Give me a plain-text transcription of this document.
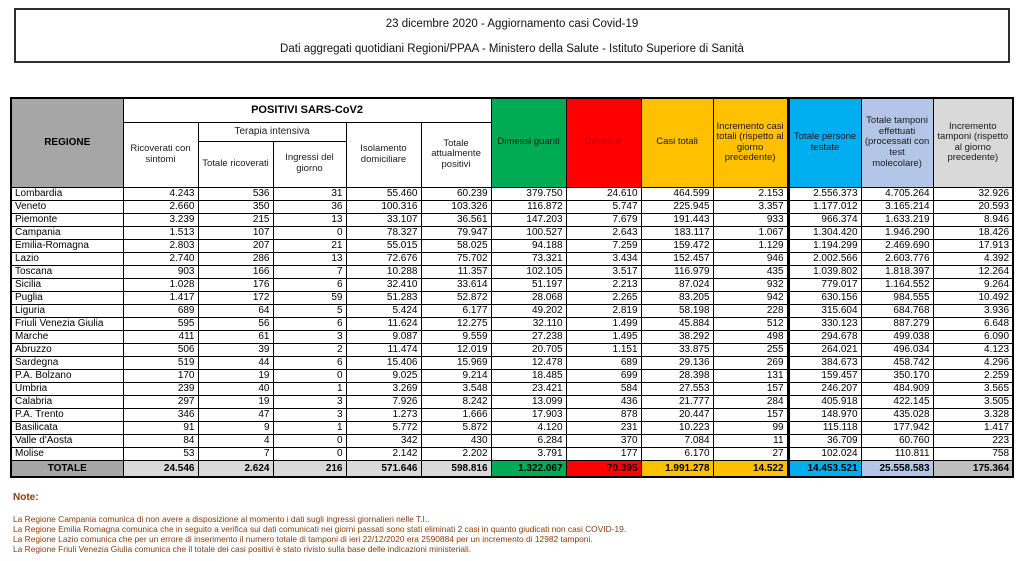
23 dicembre 2020 - Aggiornamento casi Covid-19
Dati aggregati quotidiani Regioni/PPAA - Ministero della Salute - Istituto Superiore di Sanità
REGIONE	POSITIVI SARS-CoV2					Dimessi guariti	Deceduti	Casi totali	Incremento casi totali (rispetto al giorno precedente)	Totale persone testate	Totale tamponi effettuati (processati con test molecolare)	Incremento tamponi (rispetto al giorno precedente)
	Ricoverati con sintomi	Terapia intensiva		Isolamento domiciliare	Totale attualmente positivi							
		Totale ricoverati	Ingressi del giorno									
Lombardia	4.243	536	31	55.460	60.239	379.750	24.610	464.599	2.153	2.556.373	4.705.264	32.926
Veneto	2.660	350	36	100.316	103.326	116.872	5.747	225.945	3.357	1.177.012	3.165.214	20.593
Piemonte	3.239	215	13	33.107	36.561	147.203	7.679	191.443	933	966.374	1.633.219	8.946
Campania	1.513	107	0	78.327	79.947	100.527	2.643	183.117	1.067	1.304.420	1.946.290	18.426
Emilia-Romagna	2.803	207	21	55.015	58.025	94.188	7.259	159.472	1.129	1.194.299	2.469.690	17.913
Lazio	2.740	286	13	72.676	75.702	73.321	3.434	152.457	946	2.002.566	2.603.776	4.392
Toscana	903	166	7	10.288	11.357	102.105	3.517	116.979	435	1.039.802	1.818.397	12.264
Sicilia	1.028	176	6	32.410	33.614	51.197	2.213	87.024	932	779.017	1.164.552	9.264
Puglia	1.417	172	59	51.283	52.872	28.068	2.265	83.205	942	630.156	984.555	10.492
Liguria	689	64	5	5.424	6.177	49.202	2.819	58.198	228	315.604	684.768	3.936
Friuli Venezia Giulia	595	56	6	11.624	12.275	32.110	1.499	45.884	512	330.123	887.279	6.648
Marche	411	61	3	9.087	9.559	27.238	1.495	38.292	498	294.678	499.038	6.090
Abruzzo	506	39	2	11.474	12.019	20.705	1.151	33.875	255	264.021	496.034	4.123
Sardegna	519	44	6	15.406	15.969	12.478	689	29.136	269	384.673	458.742	4.296
P.A. Bolzano	170	19	0	9.025	9.214	18.485	699	28.398	131	159.457	350.170	2.259
Umbria	239	40	1	3.269	3.548	23.421	584	27.553	157	246.207	484.909	3.565
Calabria	297	19	3	7.926	8.242	13.099	436	21.777	284	405.918	422.145	3.505
P.A. Trento	346	47	3	1.273	1.666	17.903	878	20.447	157	148.970	435.028	3.328
Basilicata	91	9	1	5.772	5.872	4.120	231	10.223	99	115.118	177.942	1.417
Valle d'Aosta	84	4	0	342	430	6.284	370	7.084	11	36.709	60.760	223
Molise	53	7	0	2.142	2.202	3.791	177	6.170	27	102.024	110.811	758
TOTALE	24.546	2.624	216	571.646	598.816	1.322.067	70.395	1.991.278	14.522	14.453.521	25.558.583	175.364
Note:
La Regione Campania comunica di non avere a disposizione al momento i dati sugli ingressi giornalieri nelle T.I..
La Regione Emilia Romagna comunica che in seguito a verifica sui dati comunicati nei giorni passati sono stati eliminati 2 casi in quanto giudicati non casi COVID-19.
La Regione Lazio comunica che per un errore di inserimento il numero totale di tamponi di ieri 22/12/2020 era 2590884 per un incremento di 12982 tamponi.
La Regione Friuli Venezia Giulia comunica che il totale dei casi positivi è stato rivisto sulla base delle indicazioni ministeriali.
